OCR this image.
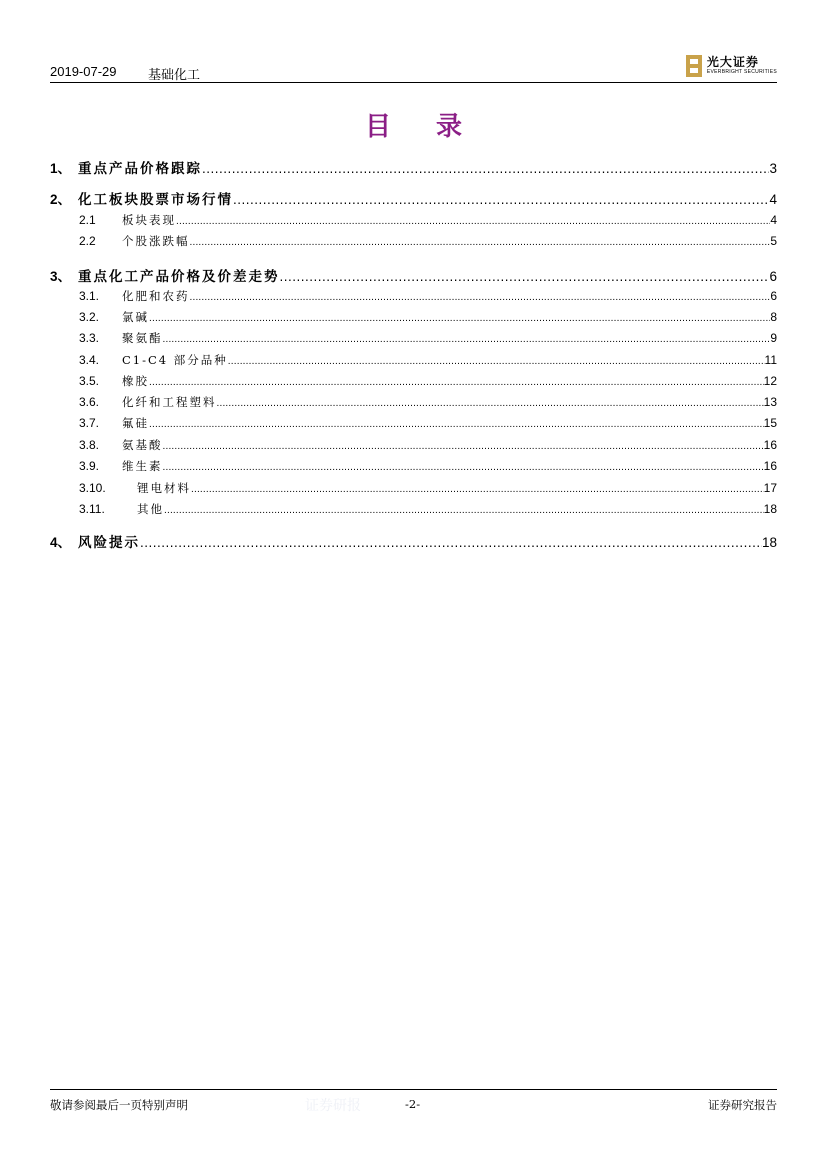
2019-07-29 基础化工
光大证券
EVERBRIGHT SECURITIES
目 录
1、 重点产品价格跟踪 .....	3
2、 化工板块股票市场行情 .....	4
2.1	板块表现 .....	4
2.2	个股涨跌幅 .....	5
3、 重点化工产品价格及价差走势 .....	6
3.1.	化肥和农药 .....	6
3.2.	氯碱 .....	8
3.3.	聚氨酯 .....	9
3.4.	C1-C4 部分品种 .....	11
3.5.	橡胶 .....	12
3.6.	化纤和工程塑料 .....	13
3.7.	氟硅 .....	15
3.8.	氨基酸 .....	16
3.9.	维生素 .....	16
3.10.	锂电材料 .....	17
3.11.	其他 .....	18
4、 风险提示 .....	18
敬请参阅最后一页特别声明	证券研报	-2-	证券研究报告
